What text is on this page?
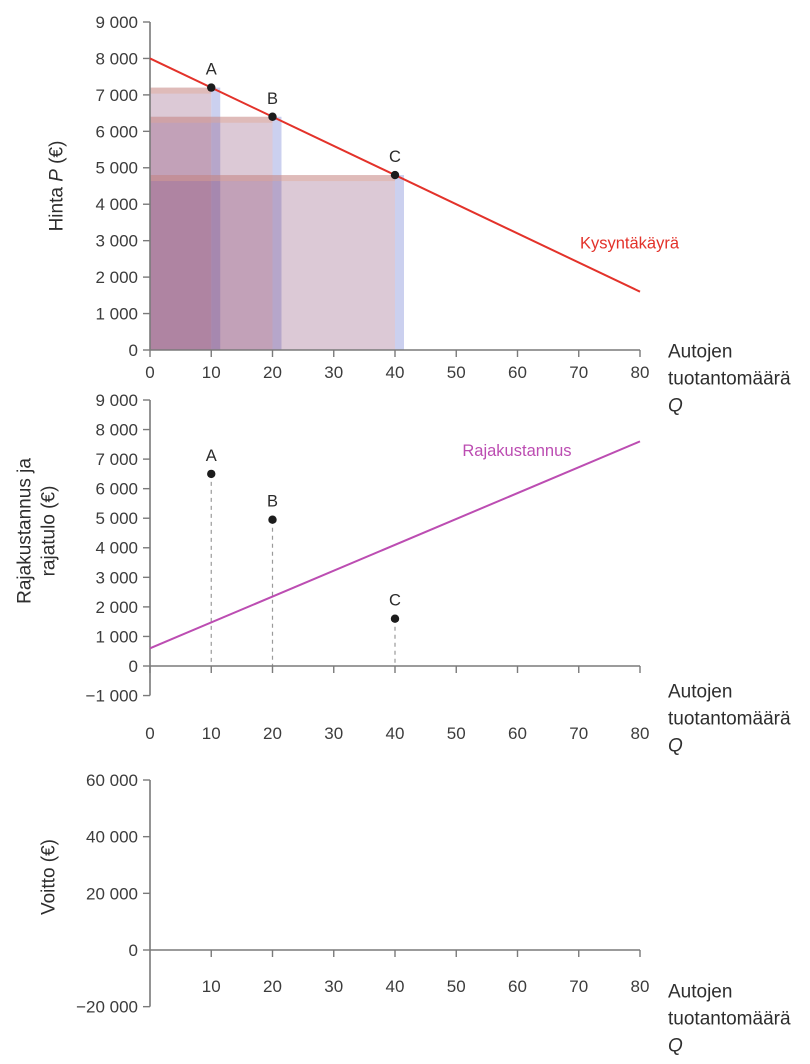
0
1 000
2 000
3 000
4 000
5 000
6 000
7 000
8 000
9 000
0	10 20 30 40 50 60 70 80
Kysyntäkäyrä
A
B
C
Hinta P (€)
Autojen
tuotantomäärä
Q
−1 000
0
1 000
2 000
3 000
4 000
5 000
6 000
7 000
8 000
9 000
0	10 20 30 40 50 60 70 80
Rajakustannus
A
B
C
Rajakustannus ja rajatulo (€)
Autojen
tuotantomäärä
Q
−20 000
0
20 000
40 000
60 000
10 20 30 40 50 60 70 80
Voitto (€)
Autojen
tuotantomäärä
Q
